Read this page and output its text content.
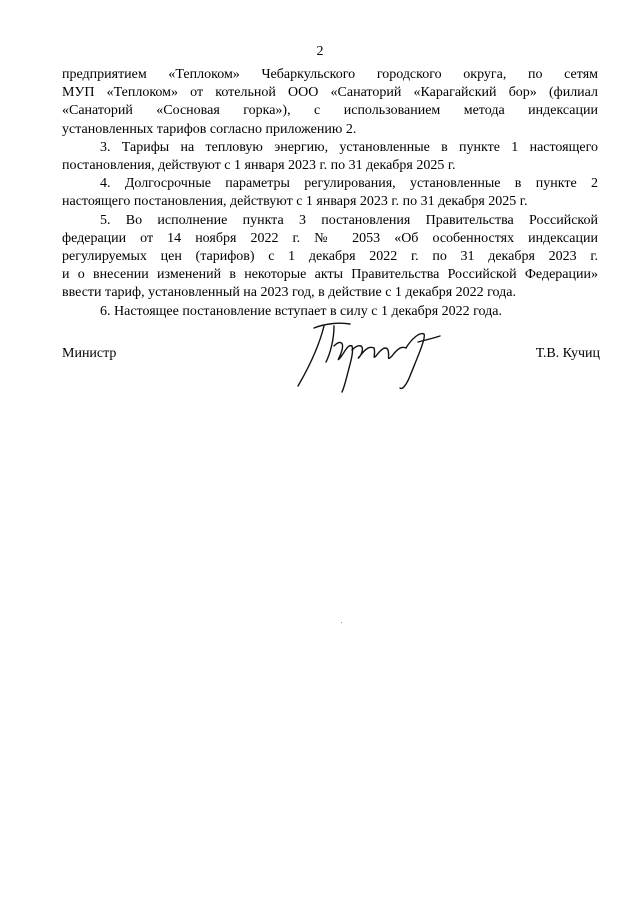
2

предприятием «Теплоком» Чебаркульского городского округа, по сетям
МУП «Теплоком» от котельной ООО «Санаторий «Карагайский бор» (филиал
«Санаторий «Сосновая горка»), с использованием метода индексации
установленных тарифов согласно приложению 2.

3. Тарифы на тепловую энергию, установленные в пункте 1 настоящего
постановления, действуют с 1 января 2023 г. по 31 декабря 2025 г.

4. Долгосрочные параметры регулирования, установленные в пункте 2
настоящего постановления, действуют с 1 января 2023 г. по 31 декабря 2025 г.

5. Во исполнение пункта 3 постановления Правительства Российской
федерации от 14 ноября 2022 г. № 2053 «Об особенностях индексации
регулируемых цен (тарифов) с 1 декабря 2022 г. по 31 декабря 2023 г.
и о внесении изменений в некоторые акты Правительства Российской Федерации»
ввести тариф, установленный на 2023 год, в действие с 1 декабря 2022 года.

6. Настоящее постановление вступает в силу с 1 декабря 2022 года.

Министр	Т.В. Кучиц
